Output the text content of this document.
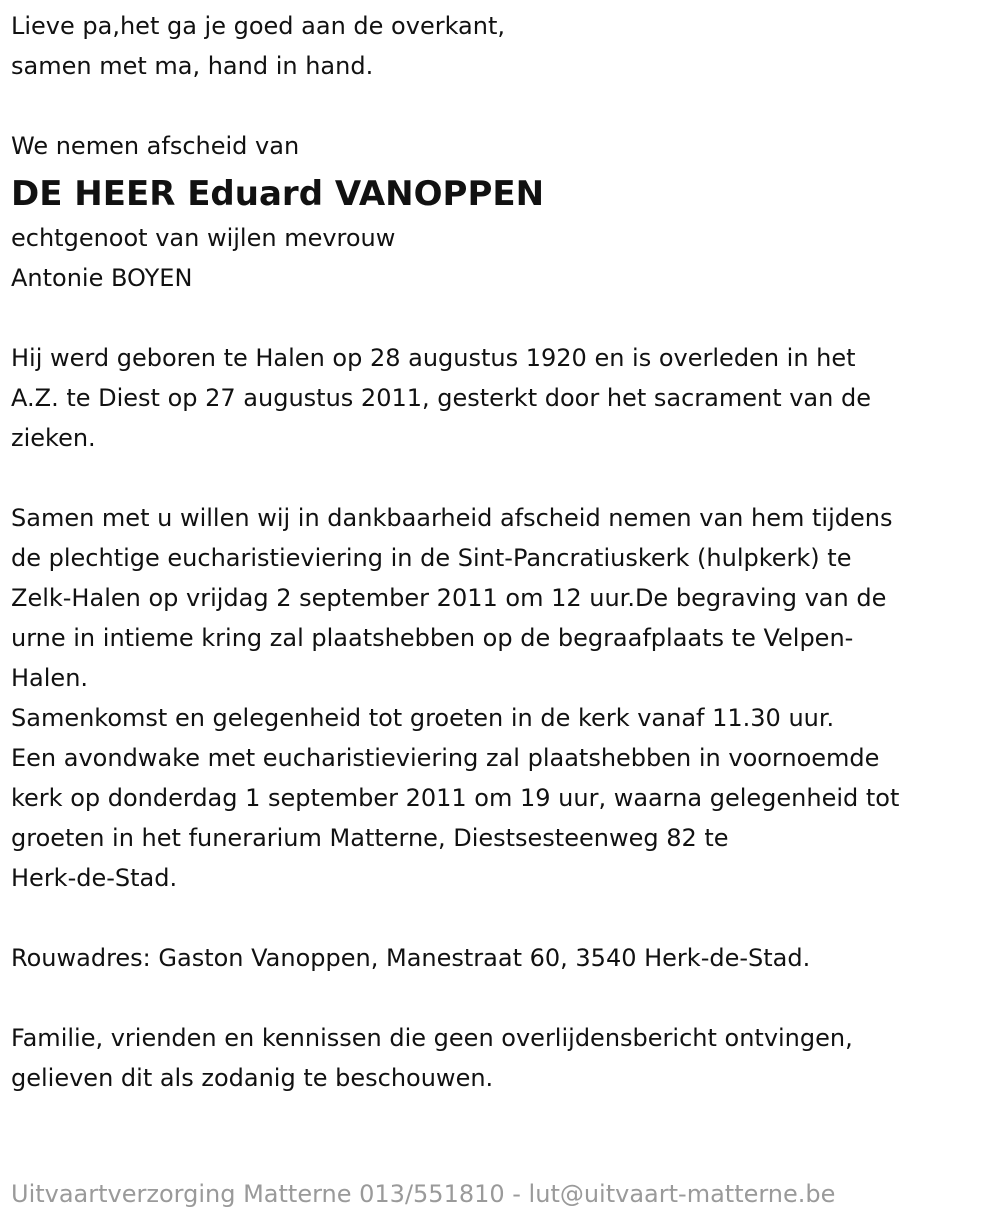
Lieve pa,het ga je goed aan de overkant,
samen met ma, hand in hand.
We nemen afscheid van
DE HEER Eduard VANOPPEN
echtgenoot van wijlen mevrouw
Antonie BOYEN
Hij werd geboren te Halen op 28 augustus 1920 en is overleden in het
A.Z. te Diest op 27 augustus 2011, gesterkt door het sacrament van de
zieken.
Samen met u willen wij in dankbaarheid afscheid nemen van hem tijdens
de plechtige eucharistieviering in de Sint-Pancratiuskerk (hulpkerk) te
Zelk-Halen op vrijdag 2 september 2011 om 12 uur.De begraving van de
urne in intieme kring zal plaatshebben op de begraafplaats te Velpen-
Halen.
Samenkomst en gelegenheid tot groeten in de kerk vanaf 11.30 uur.
Een avondwake met eucharistieviering zal plaatshebben in voornoemde
kerk op donderdag 1 september 2011 om 19 uur, waarna gelegenheid tot
groeten in het funerarium Matterne, Diestsesteenweg 82 te
Herk-de-Stad.
Rouwadres: Gaston Vanoppen, Manestraat 60, 3540 Herk-de-Stad.
Familie, vrienden en kennissen die geen overlijdensbericht ontvingen,
gelieven dit als zodanig te beschouwen.
Uitvaartverzorging Matterne 013/551810 - lut@uitvaart-matterne.be
